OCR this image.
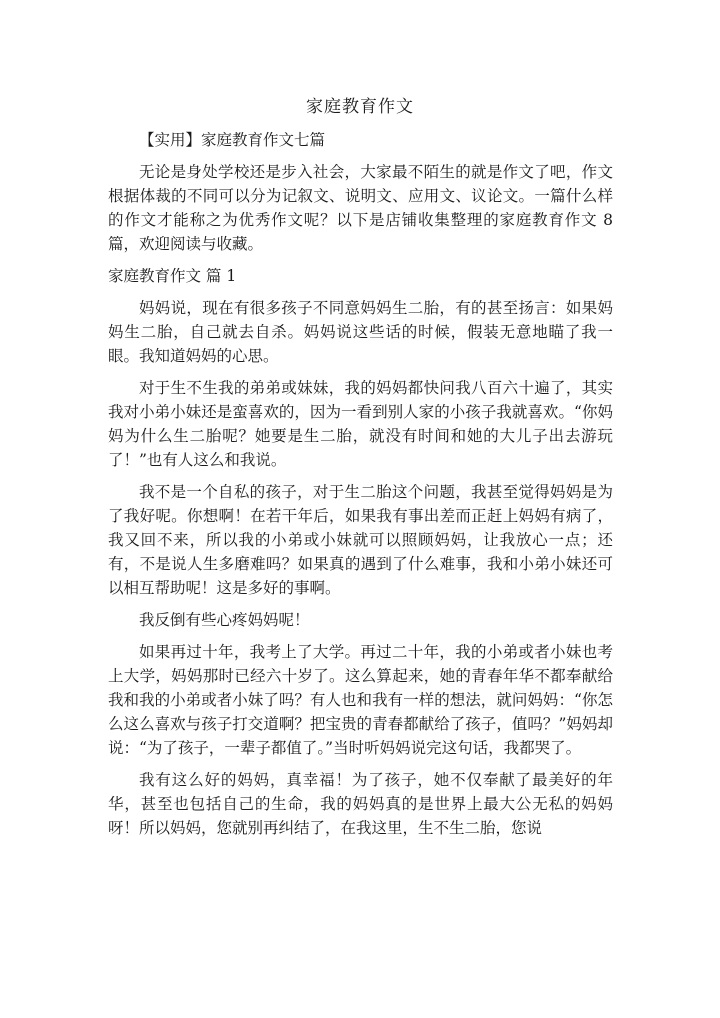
家庭教育作文

【实用】家庭教育作文七篇

无论是身处学校还是步入社会，大家最不陌生的就是作文了吧，作文根据体裁的不同可以分为记叙文、说明文、应用文、议论文。一篇什么样的作文才能称之为优秀作文呢？以下是店铺收集整理的家庭教育作文 8 篇，欢迎阅读与收藏。

家庭教育作文 篇 1

妈妈说，现在有很多孩子不同意妈妈生二胎，有的甚至扬言：如果妈妈生二胎，自己就去自杀。妈妈说这些话的时候，假装无意地瞄了我一眼。我知道妈妈的心思。

对于生不生我的弟弟或妹妹，我的妈妈都快问我八百六十遍了，其实我对小弟小妹还是蛮喜欢的，因为一看到别人家的小孩子我就喜欢。“你妈妈为什么生二胎呢？她要是生二胎，就没有时间和她的大儿子出去游玩了！”也有人这么和我说。

我不是一个自私的孩子，对于生二胎这个问题，我甚至觉得妈妈是为了我好呢。你想啊！在若干年后，如果我有事出差而正赶上妈妈有病了，我又回不来，所以我的小弟或小妹就可以照顾妈妈，让我放心一点；还有，不是说人生多磨难吗？如果真的遇到了什么难事，我和小弟小妹还可以相互帮助呢！这是多好的事啊。

我反倒有些心疼妈妈呢！

如果再过十年，我考上了大学。再过二十年，我的小弟或者小妹也考上大学，妈妈那时已经六十岁了。这么算起来，她的青春年华不都奉献给我和我的小弟或者小妹了吗？有人也和我有一样的想法，就问妈妈：“你怎么这么喜欢与孩子打交道啊？把宝贵的青春都献给了孩子，值吗？”妈妈却说：“为了孩子，一辈子都值了。”当时听妈妈说完这句话，我都哭了。

我有这么好的妈妈，真幸福！为了孩子，她不仅奉献了最美好的年华，甚至也包括自己的生命，我的妈妈真的是世界上最大公无私的妈妈呀！所以妈妈，您就别再纠结了，在我这里，生不生二胎，您说
